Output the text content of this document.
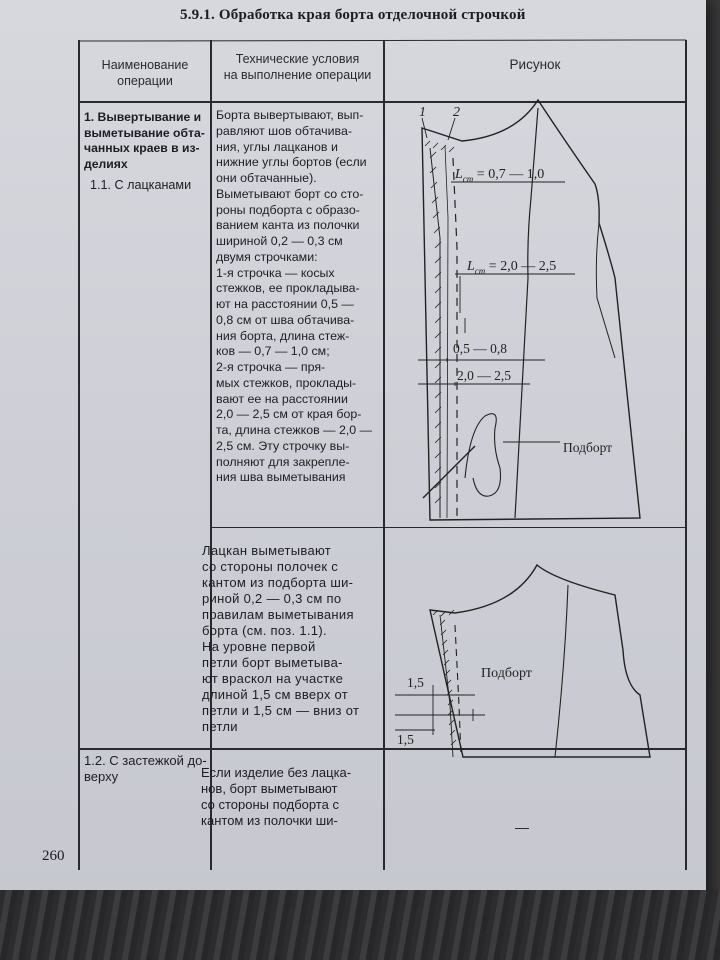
5.9.1. Обработка края борта отделочной строчкой
Наименование
операции
Технические условия
на выполнение операции
Рисунок
1. Вывертывание и
выметывание обта-
чанных краев в из-
делиях
1.1. С лацканами
Борта вывертывают, вып-
равляют шов обтачива-
ния, углы лацканов и
нижние углы бортов (если
они обтачанные).
Выметывают борт со сто-
роны подборта с образо-
ванием канта из полочки
шириной 0,2 — 0,3 см
двумя строчками:
1-я строчка — косых
стежков, ее прокладыва-
ют на расстоянии 0,5 —
0,8 см от шва обтачива-
ния борта, длина стеж-
ков — 0,7 — 1,0 см;
2-я строчка — пря-
мых стежков, проклады-
вают ее на расстоянии
2,0 — 2,5 см от края бор-
та, длина стежков — 2,0 —
2,5 см. Эту строчку вы-
полняют для закрепле-
ния шва выметывания
1 2
$L_{ст} = 0,7$ — 1,0
$L_{ст} = 2,0$ — 2,5
0,5 — 0,8
2,0 — 2,5
Подборт
Лацкан выметывают
со стороны полочек с
кантом из подборта ши-
риной 0,2 — 0,3 см по
правилам выметывания
борта (см. поз. 1.1).
На уровне первой
петли борт выметыва-
ют враскол на участке
длиной 1,5 см вверх от
петли и 1,5 см — вниз от
петли
Подборт
1,5
1,5
1.2. С застежкой до-
верху	Если изделие без лацка-
нов, борт выметывают
со стороны подборта с
кантом из полочки ши-	—
260
